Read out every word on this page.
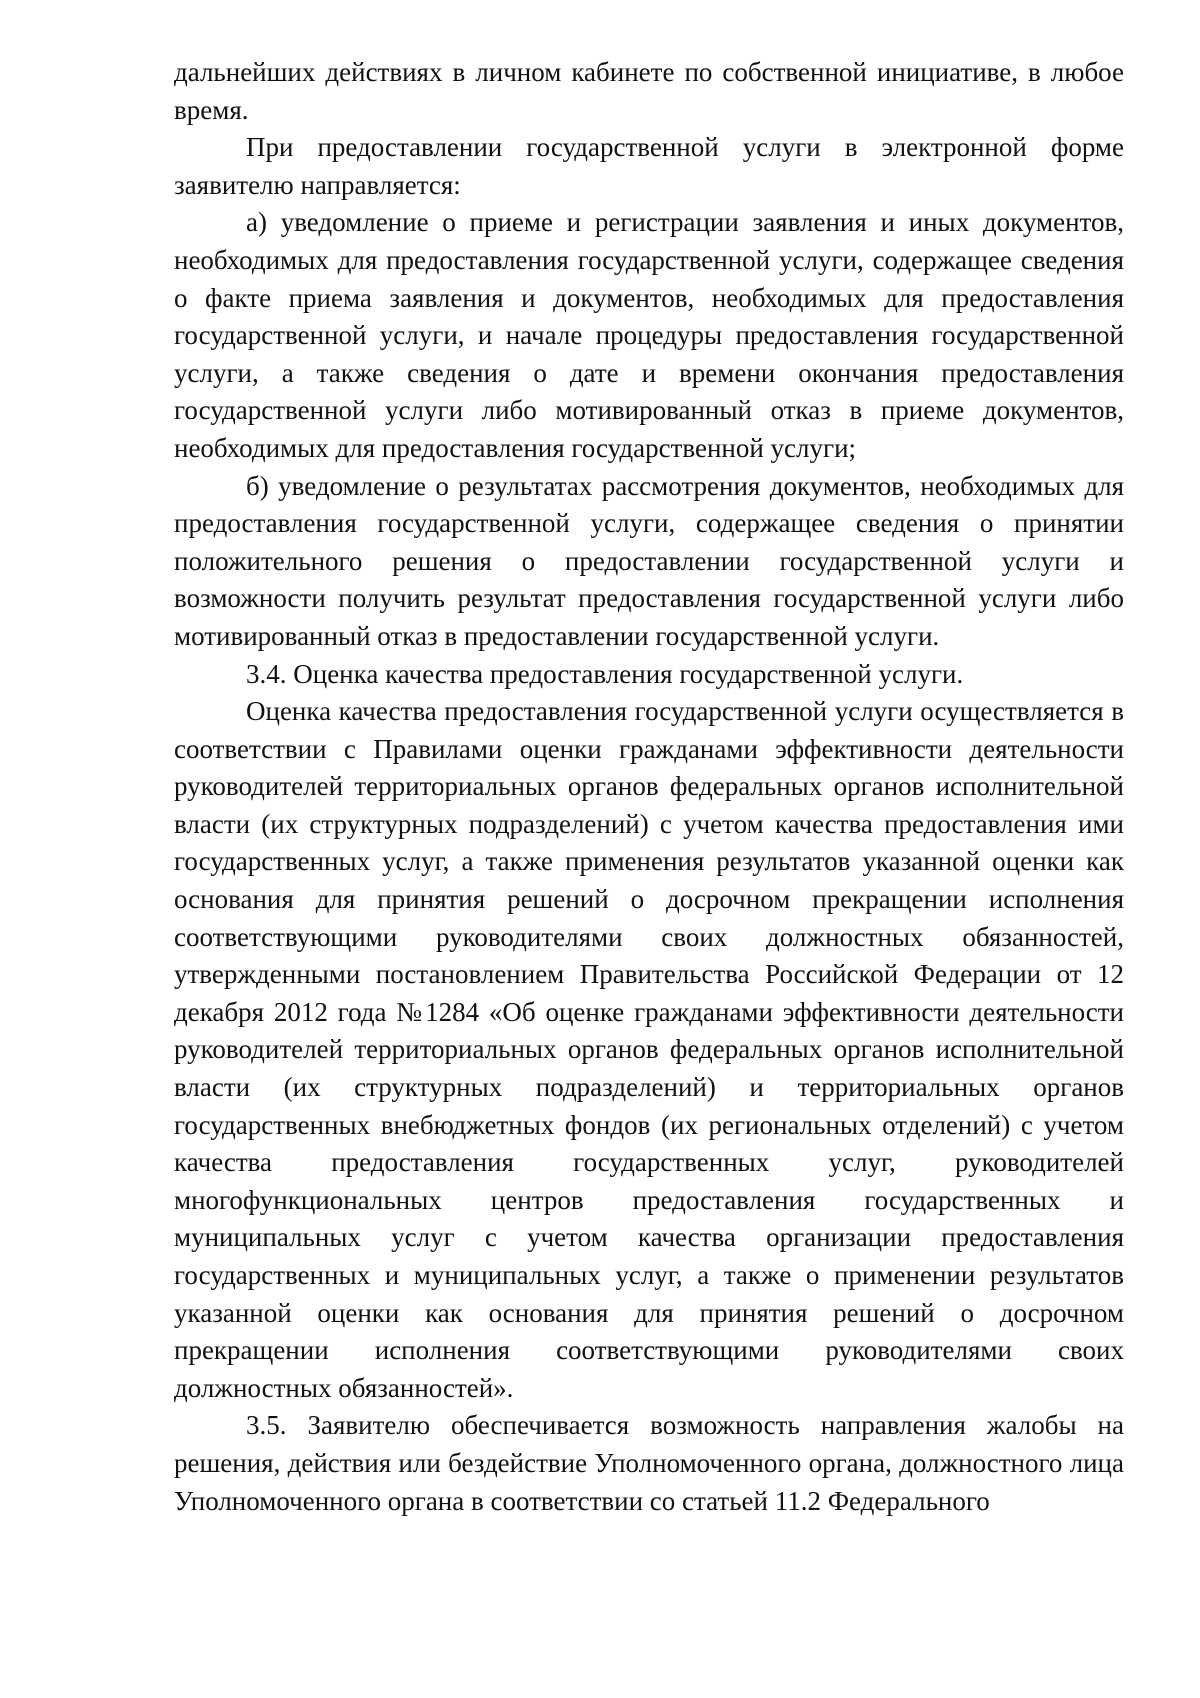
дальнейших действиях в личном кабинете по собственной инициативе, в любое время.

При предоставлении государственной услуги в электронной форме заявителю направляется:

а) уведомление о приеме и регистрации заявления и иных документов, необходимых для предоставления государственной услуги, содержащее сведения о факте приема заявления и документов, необходимых для предоставления государственной услуги, и начале процедуры предоставления государственной услуги, а также сведения о дате и времени окончания предоставления государственной услуги либо мотивированный отказ в приеме документов, необходимых для предоставления государственной услуги;

б) уведомление о результатах рассмотрения документов, необходимых для предоставления государственной услуги, содержащее сведения о принятии положительного решения о предоставлении государственной услуги и возможности получить результат предоставления государственной услуги либо мотивированный отказ в предоставлении государственной услуги.

3.4. Оценка качества предоставления государственной услуги.

Оценка качества предоставления государственной услуги осуществляется в соответствии с Правилами оценки гражданами эффективности деятельности руководителей территориальных органов федеральных органов исполнительной власти (их структурных подразделений) с учетом качества предоставления ими государственных услуг, а также применения результатов указанной оценки как основания для принятия решений о досрочном прекращении исполнения соответствующими руководителями своих должностных обязанностей, утвержденными постановлением Правительства Российской Федерации от 12 декабря 2012 года №1284 «Об оценке гражданами эффективности деятельности руководителей территориальных органов федеральных органов исполнительной власти (их структурных подразделений) и территориальных органов государственных внебюджетных фондов (их региональных отделений) с учетом качества предоставления государственных услуг, руководителей многофункциональных центров предоставления государственных и муниципальных услуг с учетом качества организации предоставления государственных и муниципальных услуг, а также о применении результатов указанной оценки как основания для принятия решений о досрочном прекращении исполнения соответствующими руководителями своих должностных обязанностей».

3.5. Заявителю обеспечивается возможность направления жалобы на решения, действия или бездействие Уполномоченного органа, должностного лица Уполномоченного органа в соответствии со статьей 11.2 Федерального
